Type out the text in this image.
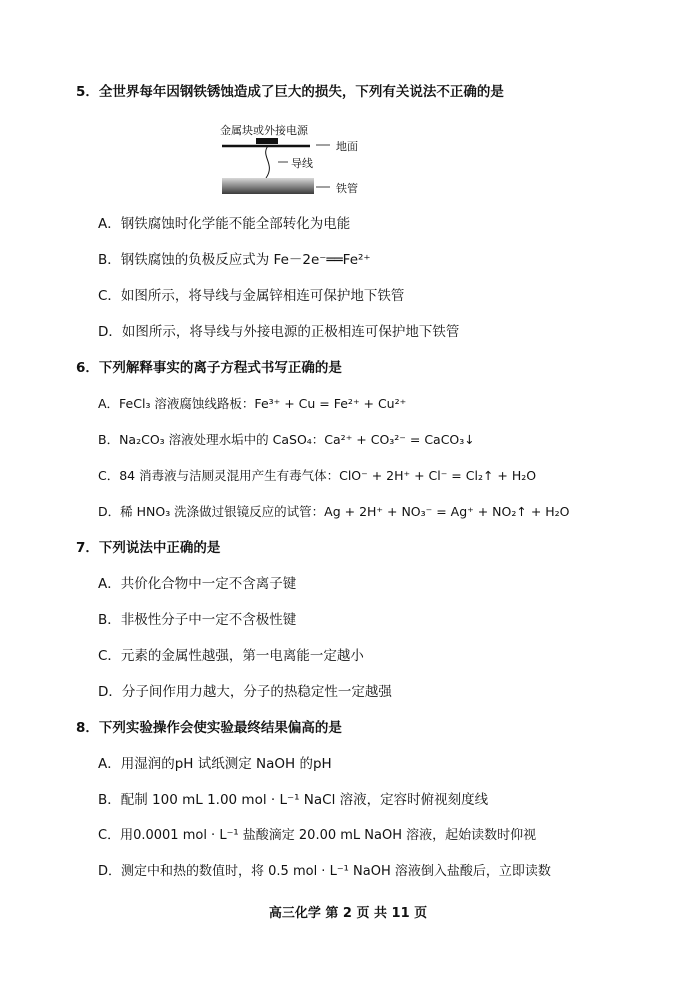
5．全世界每年因钢铁锈蚀造成了巨大的损失，下列有关说法不正确的是
金属块或外接电源
地面
导线
铁管
A．钢铁腐蚀时化学能不能全部转化为电能
B．钢铁腐蚀的负极反应式为 Fe－2e⁻══Fe²⁺
C．如图所示，将导线与金属锌相连可保护地下铁管
D．如图所示，将导线与外接电源的正极相连可保护地下铁管
6．下列解释事实的离子方程式书写正确的是
A．FeCl₃ 溶液腐蚀线路板：Fe³⁺ + Cu = Fe²⁺ + Cu²⁺
B．Na₂CO₃ 溶液处理水垢中的 CaSO₄：Ca²⁺ + CO₃²⁻ = CaCO₃↓
C．84 消毒液与洁厕灵混用产生有毒气体：ClO⁻ + 2H⁺ + Cl⁻ = Cl₂↑ + H₂O
D．稀 HNO₃ 洗涤做过银镜反应的试管：Ag + 2H⁺ + NO₃⁻ = Ag⁺ + NO₂↑ + H₂O
7．下列说法中正确的是
A．共价化合物中一定不含离子键
B．非极性分子中一定不含极性键
C．元素的金属性越强，第一电离能一定越小
D．分子间作用力越大，分子的热稳定性一定越强
8．下列实验操作会使实验最终结果偏高的是
A．用湿润的pH 试纸测定 NaOH 的pH
B．配制 100 mL 1.00 mol · L⁻¹ NaCl 溶液，定容时俯视刻度线
C．用0.0001 mol · L⁻¹ 盐酸滴定 20.00 mL NaOH 溶液，起始读数时仰视
D．测定中和热的数值时，将 0.5 mol · L⁻¹ NaOH 溶液倒入盐酸后，立即读数
高三化学 第 2 页 共 11 页
